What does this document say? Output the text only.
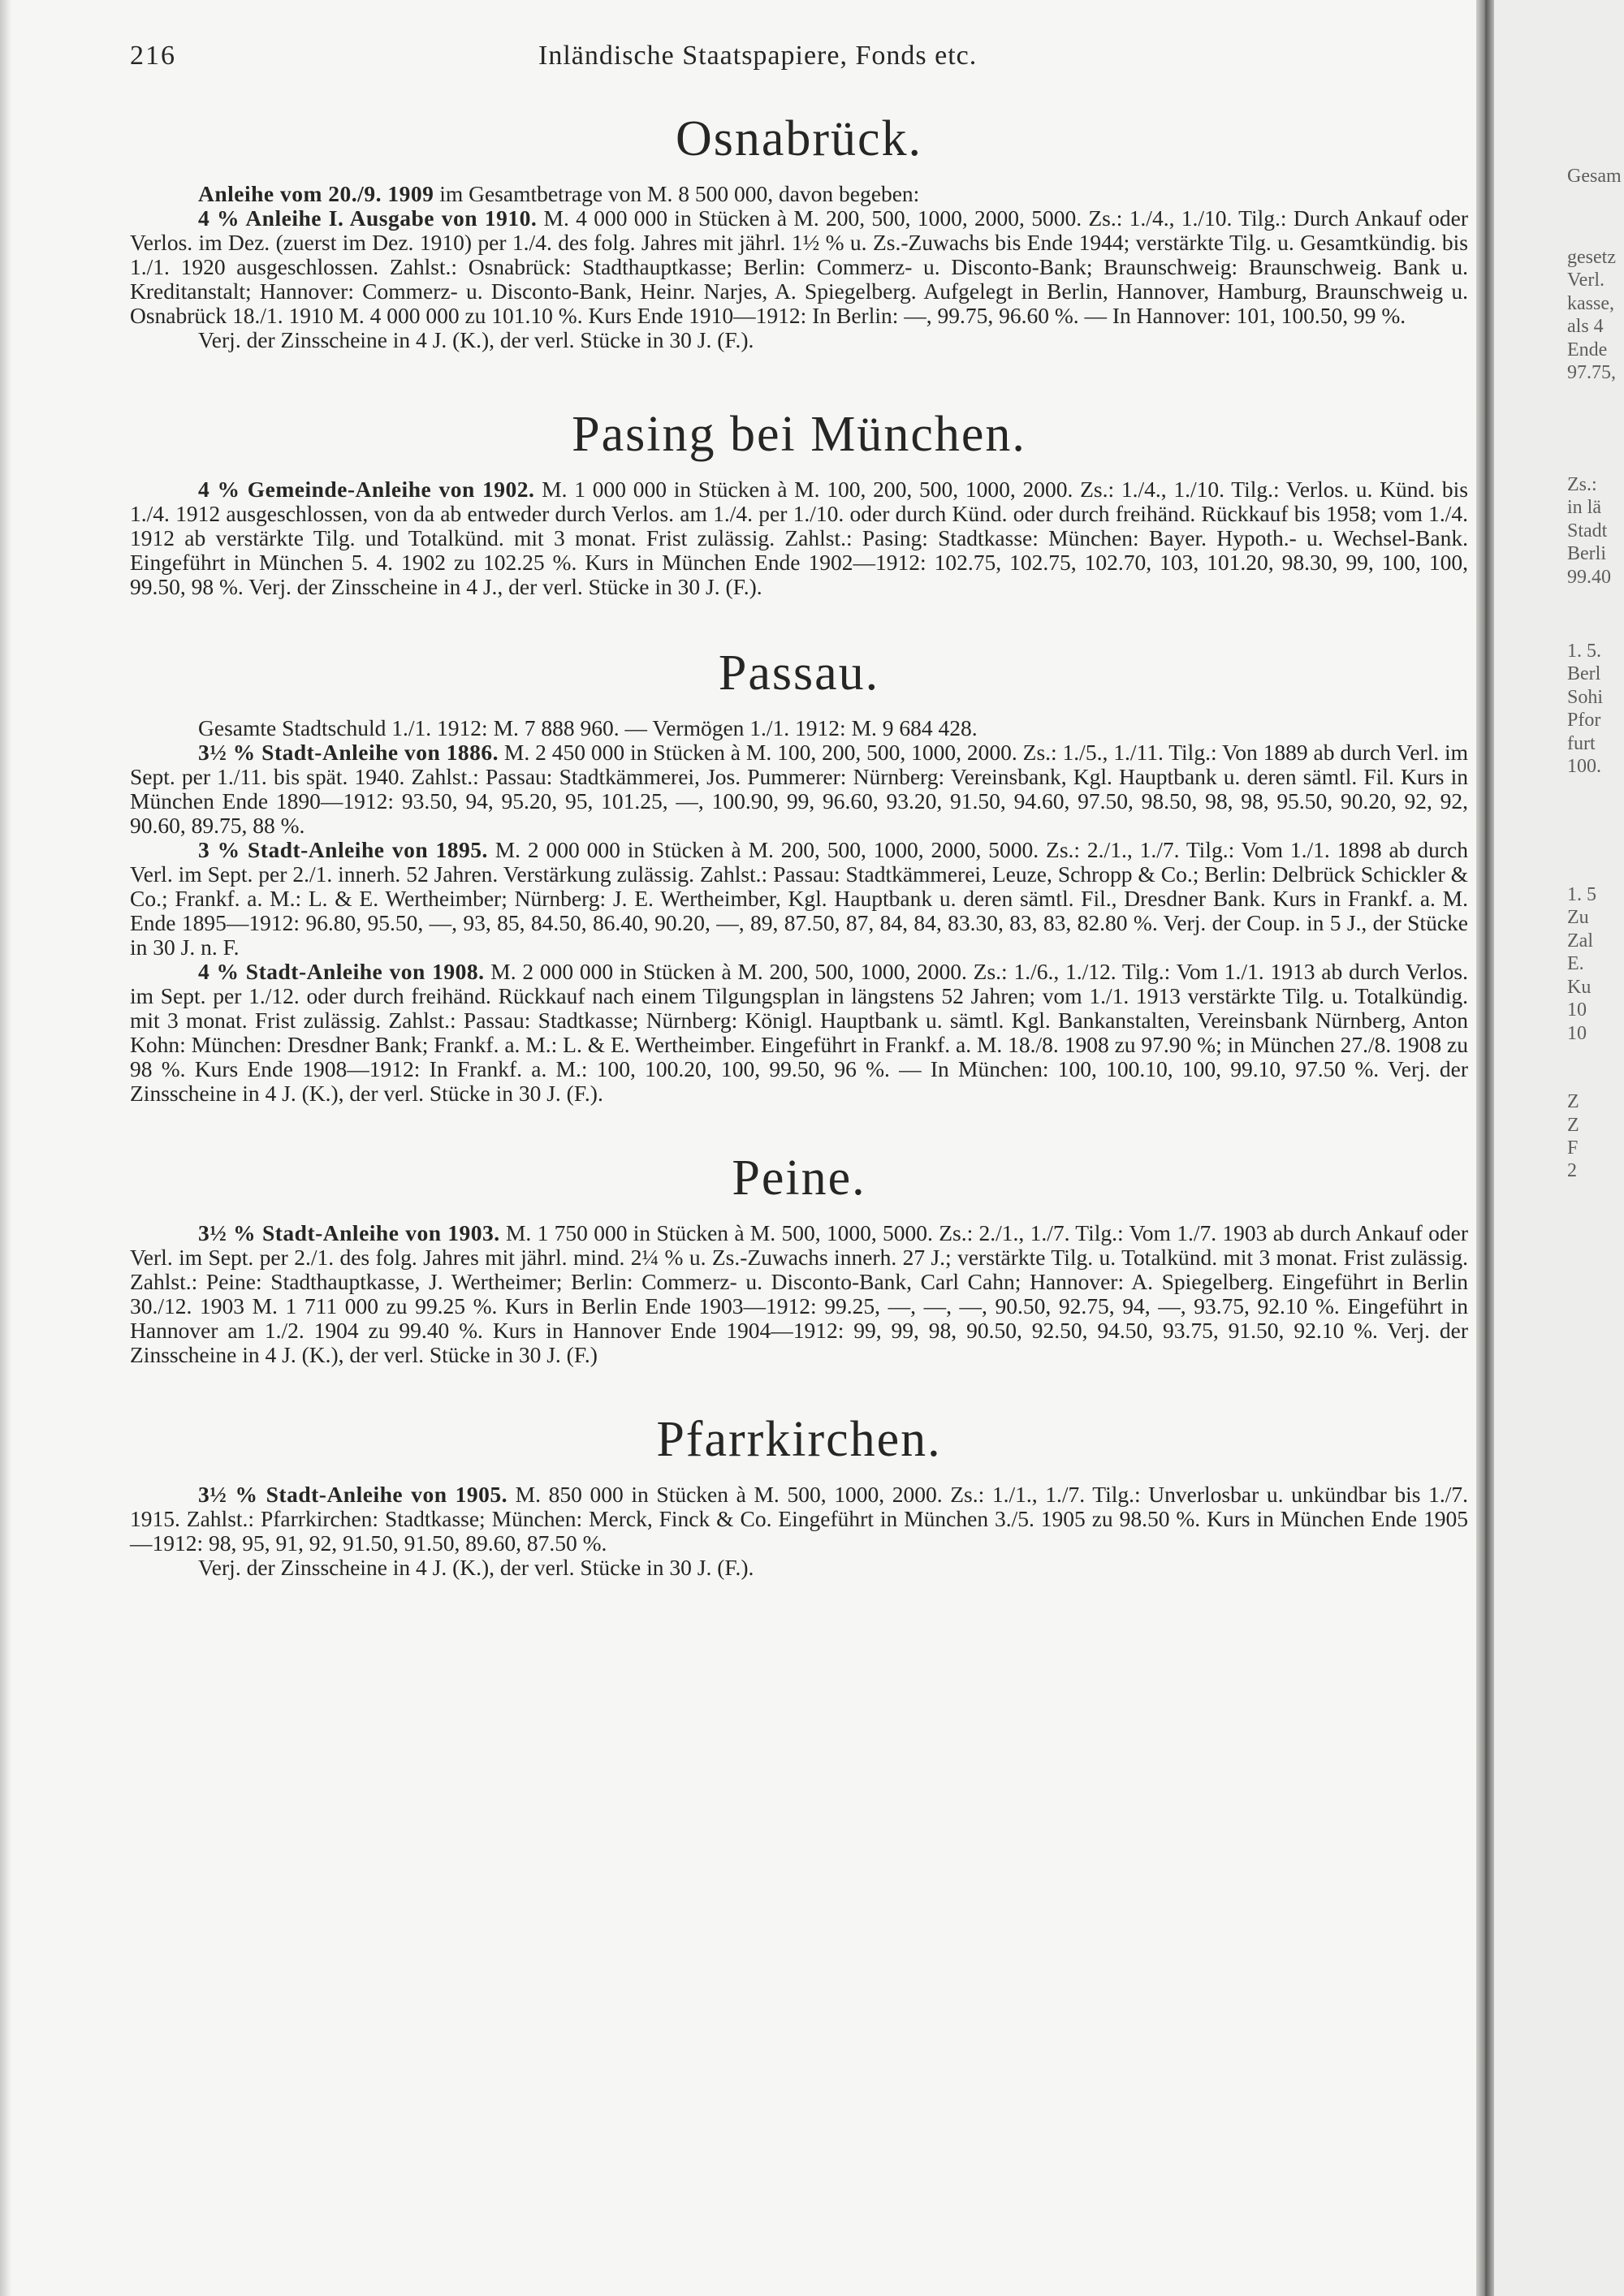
216	Inländische Staatspapiere, Fonds etc.
Osnabrück.

Anleihe vom 20./9. 1909 im Gesamtbetrage von M. 8 500 000, davon begeben:

4 % Anleihe I. Ausgabe von 1910. M. 4 000 000 in Stücken à M. 200, 500, 1000, 2000, 5000. Zs.: 1./4., 1./10. Tilg.: Durch Ankauf oder Verlos. im Dez. (zuerst im Dez. 1910) per 1./4. des folg. Jahres mit jährl. 1½ % u. Zs.-Zuwachs bis Ende 1944; verstärkte Tilg. u. Gesamtkündig. bis 1./1. 1920 ausgeschlossen. Zahlst.: Osnabrück: Stadthauptkasse; Berlin: Commerz- u. Disconto-Bank; Braunschweig: Braunschweig. Bank u. Kreditanstalt; Hannover: Commerz- u. Disconto-Bank, Heinr. Narjes, A. Spiegelberg. Aufgelegt in Berlin, Hannover, Hamburg, Braunschweig u. Osnabrück 18./1. 1910 M. 4 000 000 zu 101.10 %. Kurs Ende 1910—1912: In Berlin: —, 99.75, 96.60 %. — In Hannover: 101, 100.50, 99 %.

Verj. der Zinsscheine in 4 J. (K.), der verl. Stücke in 30 J. (F.).

Pasing bei München.

4 % Gemeinde-Anleihe von 1902. M. 1 000 000 in Stücken à M. 100, 200, 500, 1000, 2000. Zs.: 1./4., 1./10. Tilg.: Verlos. u. Künd. bis 1./4. 1912 ausgeschlossen, von da ab entweder durch Verlos. am 1./4. per 1./10. oder durch Künd. oder durch freihänd. Rückkauf bis 1958; vom 1./4. 1912 ab verstärkte Tilg. und Totalkünd. mit 3 monat. Frist zulässig. Zahlst.: Pasing: Stadtkasse: München: Bayer. Hypoth.- u. Wechsel-Bank. Eingeführt in München 5. 4. 1902 zu 102.25 %. Kurs in München Ende 1902—1912: 102.75, 102.75, 102.70, 103, 101.20, 98.30, 99, 100, 100, 99.50, 98 %. Verj. der Zinsscheine in 4 J., der verl. Stücke in 30 J. (F.).

Passau.

Gesamte Stadtschuld 1./1. 1912: M. 7 888 960. — Vermögen 1./1. 1912: M. 9 684 428.

3½ % Stadt-Anleihe von 1886. M. 2 450 000 in Stücken à M. 100, 200, 500, 1000, 2000. Zs.: 1./5., 1./11. Tilg.: Von 1889 ab durch Verl. im Sept. per 1./11. bis spät. 1940. Zahlst.: Passau: Stadtkämmerei, Jos. Pummerer: Nürnberg: Vereinsbank, Kgl. Hauptbank u. deren sämtl. Fil. Kurs in München Ende 1890—1912: 93.50, 94, 95.20, 95, 101.25, —, 100.90, 99, 96.60, 93.20, 91.50, 94.60, 97.50, 98.50, 98, 98, 95.50, 90.20, 92, 92, 90.60, 89.75, 88 %.

3 % Stadt-Anleihe von 1895. M. 2 000 000 in Stücken à M. 200, 500, 1000, 2000, 5000. Zs.: 2./1., 1./7. Tilg.: Vom 1./1. 1898 ab durch Verl. im Sept. per 2./1. innerh. 52 Jahren. Verstärkung zulässig. Zahlst.: Passau: Stadtkämmerei, Leuze, Schropp & Co.; Berlin: Delbrück Schickler & Co.; Frankf. a. M.: L. & E. Wertheimber; Nürnberg: J. E. Wertheimber, Kgl. Hauptbank u. deren sämtl. Fil., Dresdner Bank. Kurs in Frankf. a. M. Ende 1895—1912: 96.80, 95.50, —, 93, 85, 84.50, 86.40, 90.20, —, 89, 87.50, 87, 84, 84, 83.30, 83, 83, 82.80 %. Verj. der Coup. in 5 J., der Stücke in 30 J. n. F.

4 % Stadt-Anleihe von 1908. M. 2 000 000 in Stücken à M. 200, 500, 1000, 2000. Zs.: 1./6., 1./12. Tilg.: Vom 1./1. 1913 ab durch Verlos. im Sept. per 1./12. oder durch freihänd. Rückkauf nach einem Tilgungsplan in längstens 52 Jahren; vom 1./1. 1913 verstärkte Tilg. u. Totalkündig. mit 3 monat. Frist zulässig. Zahlst.: Passau: Stadtkasse; Nürnberg: Königl. Hauptbank u. sämtl. Kgl. Bankanstalten, Vereinsbank Nürnberg, Anton Kohn: München: Dresdner Bank; Frankf. a. M.: L. & E. Wertheimber. Eingeführt in Frankf. a. M. 18./8. 1908 zu 97.90 %; in München 27./8. 1908 zu 98 %. Kurs Ende 1908—1912: In Frankf. a. M.: 100, 100.20, 100, 99.50, 96 %. — In München: 100, 100.10, 100, 99.10, 97.50 %. Verj. der Zinsscheine in 4 J. (K.), der verl. Stücke in 30 J. (F.).

Peine.

3½ % Stadt-Anleihe von 1903. M. 1 750 000 in Stücken à M. 500, 1000, 5000. Zs.: 2./1., 1./7. Tilg.: Vom 1./7. 1903 ab durch Ankauf oder Verl. im Sept. per 2./1. des folg. Jahres mit jährl. mind. 2¼ % u. Zs.-Zuwachs innerh. 27 J.; verstärkte Tilg. u. Totalkünd. mit 3 monat. Frist zulässig. Zahlst.: Peine: Stadthauptkasse, J. Wertheimer; Berlin: Commerz- u. Disconto-Bank, Carl Cahn; Hannover: A. Spiegelberg. Eingeführt in Berlin 30./12. 1903 M. 1 711 000 zu 99.25 %. Kurs in Berlin Ende 1903—1912: 99.25, —, —, —, 90.50, 92.75, 94, —, 93.75, 92.10 %. Eingeführt in Hannover am 1./2. 1904 zu 99.40 %. Kurs in Hannover Ende 1904—1912: 99, 99, 98, 90.50, 92.50, 94.50, 93.75, 91.50, 92.10 %. Verj. der Zinsscheine in 4 J. (K.), der verl. Stücke in 30 J. (F.)

Pfarrkirchen.

3½ % Stadt-Anleihe von 1905. M. 850 000 in Stücken à M. 500, 1000, 2000. Zs.: 1./1., 1./7. Tilg.: Unverlosbar u. unkündbar bis 1./7. 1915. Zahlst.: Pfarrkirchen: Stadtkasse; München: Merck, Finck & Co. Eingeführt in München 3./5. 1905 zu 98.50 %. Kurs in München Ende 1905—1912: 98, 95, 91, 92, 91.50, 91.50, 89.60, 87.50 %.

Verj. der Zinsscheine in 4 J. (K.), der verl. Stücke in 30 J. (F.).

Gesam
gesetz
Verl.
kasse,
als 4
Ende
97.75,
Zs.:
in lä
Stadt
Berli
99.40
1. 5.
Berl
Sohi
Pfor
furt
100.
1. 5
Zu
Zal
E.
Ku
10
10
Z
Z
F
2
